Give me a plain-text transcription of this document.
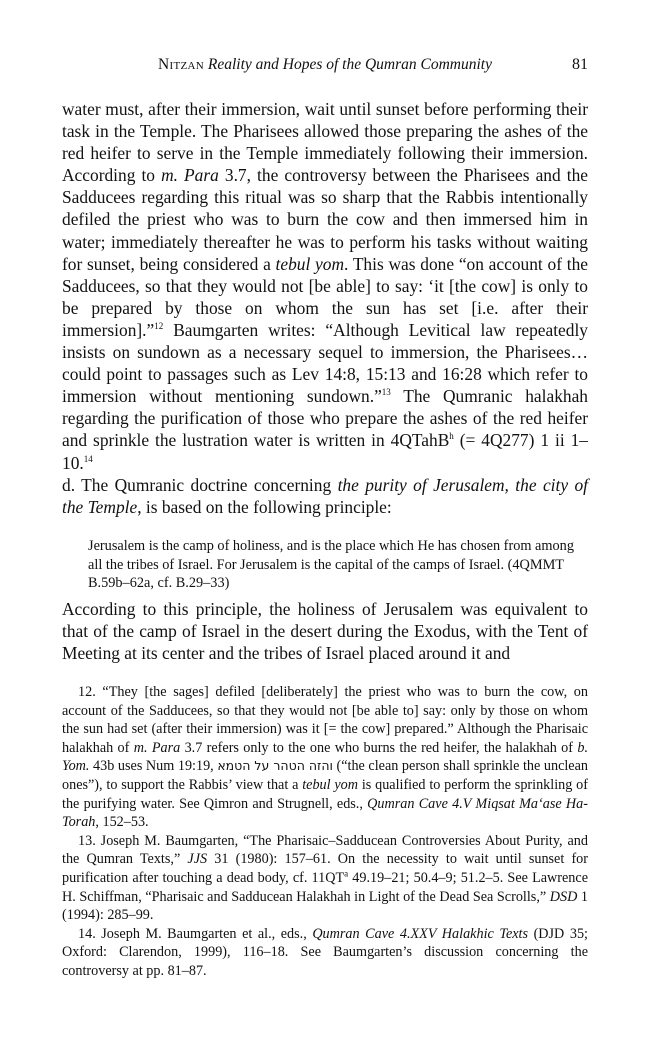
Nitzan Reality and Hopes of the Qumran Community	81

water must, after their immersion, wait until sunset before performing their task in the Temple. The Pharisees allowed those preparing the ashes of the red heifer to serve in the Temple immediately following their immersion. According to m. Para 3.7, the controversy between the Pharisees and the Sadducees regarding this ritual was so sharp that the Rabbis intentionally defiled the priest who was to burn the cow and then immersed him in water; immediately thereafter he was to perform his tasks without waiting for sunset, being considered a tebul yom. This was done “on account of the Sadducees, so that they would not [be able] to say: ‘it [the cow] is only to be prepared by those on whom the sun has set [i.e. after their immersion].”$^{12}$ Baumgarten writes: “Although Levitical law repeatedly insists on sundown as a necessary sequel to immersion, the Pharisees…could point to passages such as Lev 14:8, 15:13 and 16:28 which refer to immersion without mentioning sundown.”$^{13}$ The Qumranic halakhah regarding the purification of those who prepare the ashes of the red heifer and sprinkle the lustration water is written in 4QTahB$^h$ (= 4Q277) 1 ii 1–10.14

d. The Qumranic doctrine concerning the purity of Jerusalem, the city of the Temple, is based on the following principle:

Jerusalem is the camp of holiness, and is the place which He has chosen from among all the tribes of Israel. For Jerusalem is the capital of the camps of Israel. (4QMMT B.59b–62a, cf. B.29–33)

According to this principle, the holiness of Jerusalem was equivalent to that of the camp of Israel in the desert during the Exodus, with the Tent of Meeting at its center and the tribes of Israel placed around it and

12. “They [the sages] defiled [deliberately] the priest who was to burn the cow, on account of the Sadducees, so that they would not [be able to] say: only by those on whom the sun had set (after their immersion) was it [= the cow] prepared.” Although the Pharisaic halakhah of m. Para 3.7 refers only to the one who burns the red heifer, the halakhah of b. Yom. 43b uses Num 19:19, והזה הטהר על הטמא (“the clean person shall sprinkle the unclean ones”), to support the Rabbis’ view that a tebul yom is qualified to perform the sprinkling of the purifying water. See Qimron and Strugnell, eds., Qumran Cave 4.V Miqsat Ma‘ase Ha-Torah, 152–53.

13. Joseph M. Baumgarten, “The Pharisaic–Sadducean Controversies About Purity, and the Qumran Texts,” JJS 31 (1980): 157–61. On the necessity to wait until sunset for purification after touching a dead body, cf. $11QT^a$ 49.19–21; 50.4–9; 51.2–5. See Lawrence H. Schiffman, “Pharisaic and Sadducean Halakhah in Light of the Dead Sea Scrolls,” DSD 1 (1994): 285–99.

14. Joseph M. Baumgarten et al., eds., Qumran Cave 4.XXV Halakhic Texts (DJD 35; Oxford: Clarendon, 1999), 116–18. See Baumgarten’s discussion concerning the controversy at pp. 81–87.
